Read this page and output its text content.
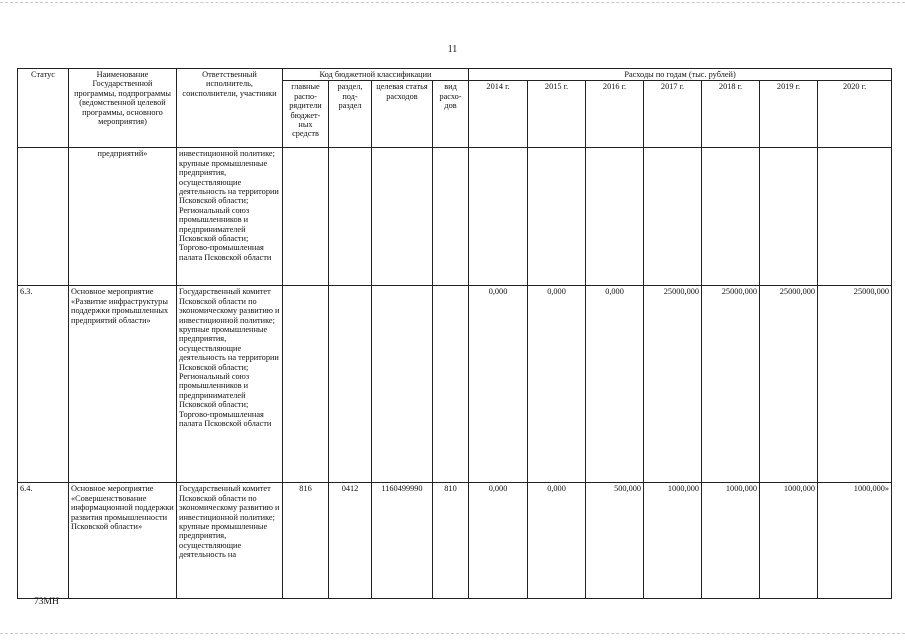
11
Статус	Наименование Государственной программы, подпрограммы (ведомственной целевой программы, основного мероприятия)	Ответственный исполнитель, соисполнители, участники	Код бюджетной классификации				Расходы по годам (тыс. рублей)						
			главные распо- рядители бюджет- ных средств	раздел, под- раздел	целевая статья расходов	вид расхо- дов	2014 г.	2015 г.	2016 г.	2017 г.	2018 г.	2019 г.	2020 г.
	предприятий»	инвестиционной политике; крупные промышленные предприятия, осуществляющие деятельность на территории Псковской области; Региональный союз промышленников и предпринимателей Псковской области; Торгово-промышленная палата Псковской области											
6.3.	Основное мероприятие «Развитие инфраструктуры поддержки промышленных предприятий области»	Государственный комитет Псковской области по экономическому развитию и инвестиционной политике; крупные промышленные предприятия, осуществляющие деятельность на территории Псковской области; Региональный союз промышленников и предпринимателей Псковской области; Торгово-промышленная палата Псковской области					0,000	0,000	0,000	25000,000	25000,000	25000,000	25000,000
6.4.	Основное мероприятие «Совершенствование информационной поддержки развития промышленности Псковской области»	Государственный комитет Псковской области по экономическому развитию и инвестиционной политике; крупные промышленные предприятия, осуществляющие деятельность на	816	0412	1160499990	810	0,000	0,000	500,000	1000,000	1000,000	1000,000	1000,000»
73МН
